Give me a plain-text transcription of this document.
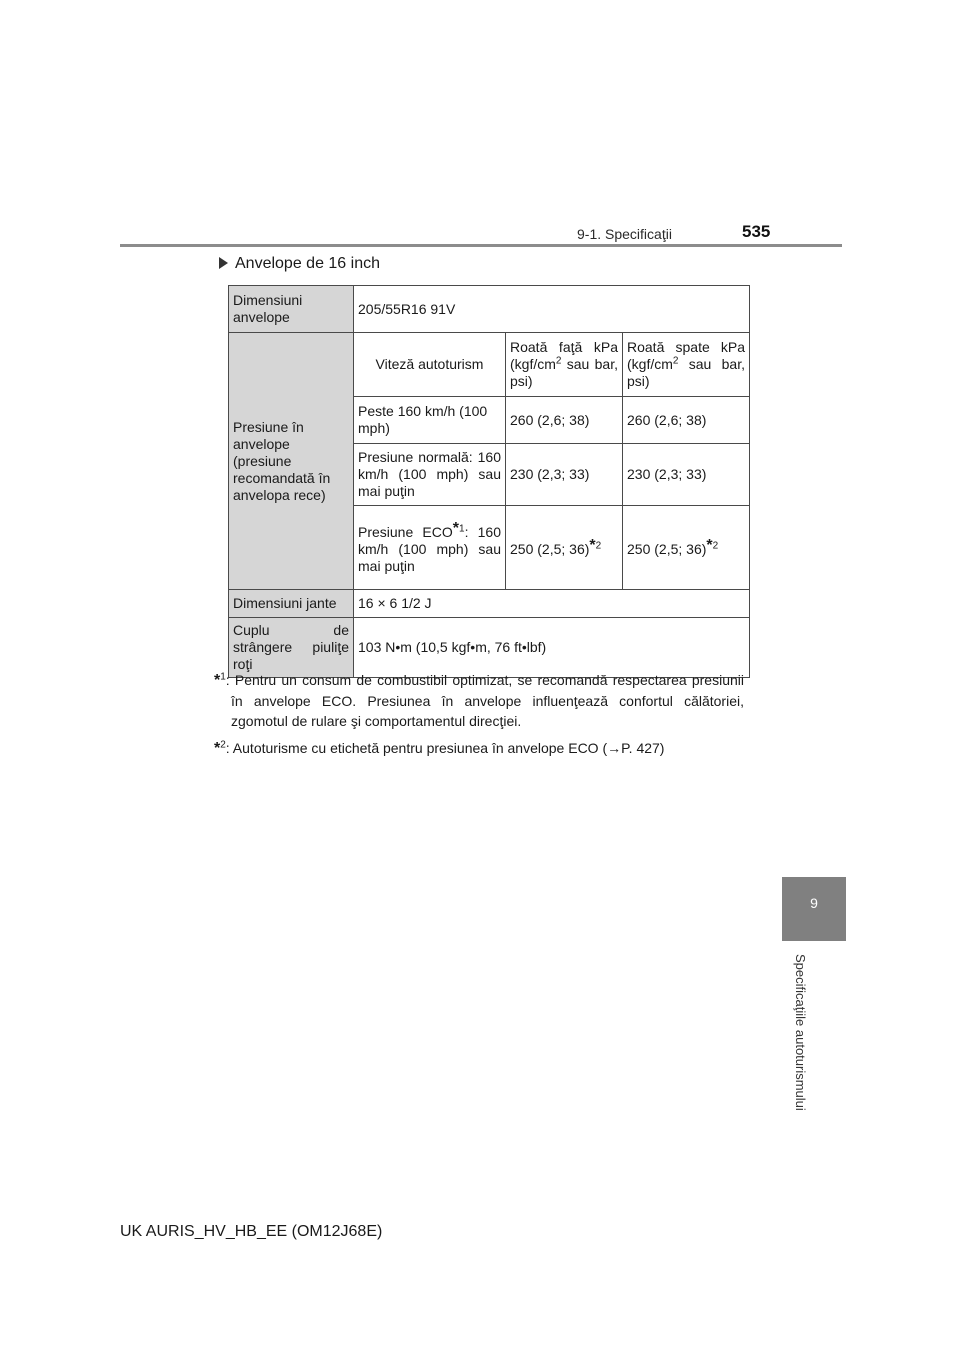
9-1. Specificaţii	535
Anvelope de 16 inch
Dimensiuni anvelope	205/55R16 91V		
Presiune în anvelope (presiune recomandată în anvelopa rece)	Viteză autoturism	Roată faţă kPa ($kgf/cm^2$ sau bar, psi)	Roată spate kPa ($kgf/cm^2$ sau bar, psi)
	Peste 160 km/h (100 mph)	260 (2,6; 38)	260 (2,6; 38)
	Presiune normală: 160 km/h (100 mph) sau mai puţin	230 (2,3; 33)	230 (2,3; 33)
	Presiune ECO*$^1$: 160 km/h (100 mph) sau mai puţin	250 (2,5; 36)*$^2$	250 (2,5; 36)*$^2$
Dimensiuni jante	16 × 6 1/2 J		
Cuplu de strângere piuliţe roţi	103 N•m (10,5 kgf•m, 76 ft•lbf)		
*$^1$: Pentru un consum de combustibil optimizat, se recomandă respectarea presiunii în anvelope ECO. Presiunea în anvelope influenţează confortul călătoriei, zgomotul de rulare şi comportamentul direcţiei.
*$^2$: Autoturisme cu etichetă pentru presiunea în anvelope ECO (→P. 427)
9
Specificaţiile autoturismului
UK AURIS_HV_HB_EE (OM12J68E)
